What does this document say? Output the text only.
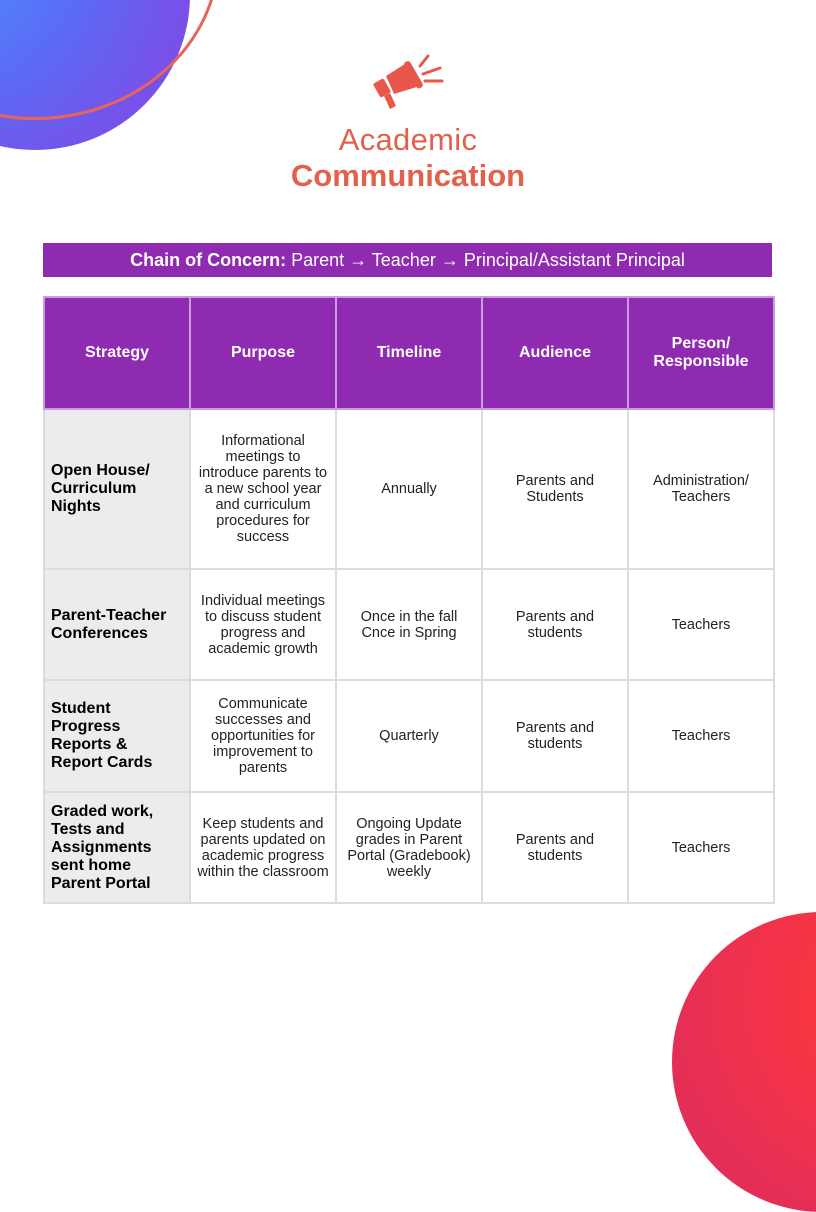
Academic
Communication
Chain of Concern: Parent → Teacher → Principal/Assistant Principal
Strategy	Purpose	Timeline	Audience	Person/ Responsible
Open House/ Curriculum Nights	Informational meetings to introduce parents to a new school year and curriculum procedures for success	Annually	Parents and Students	Administration/ Teachers
Parent-Teacher Conferences	Individual meetings to discuss student progress and academic growth	Once in the fall Cnce in Spring	Parents and students	Teachers
Student Progress Reports & Report Cards	Communicate successes and opportunities for improvement to parents	Quarterly	Parents and students	Teachers
Graded work, Tests and Assignments sent home Parent Portal	Keep students and parents updated on academic progress within the classroom	Ongoing Update grades in Parent Portal (Gradebook) weekly	Parents and students	Teachers
